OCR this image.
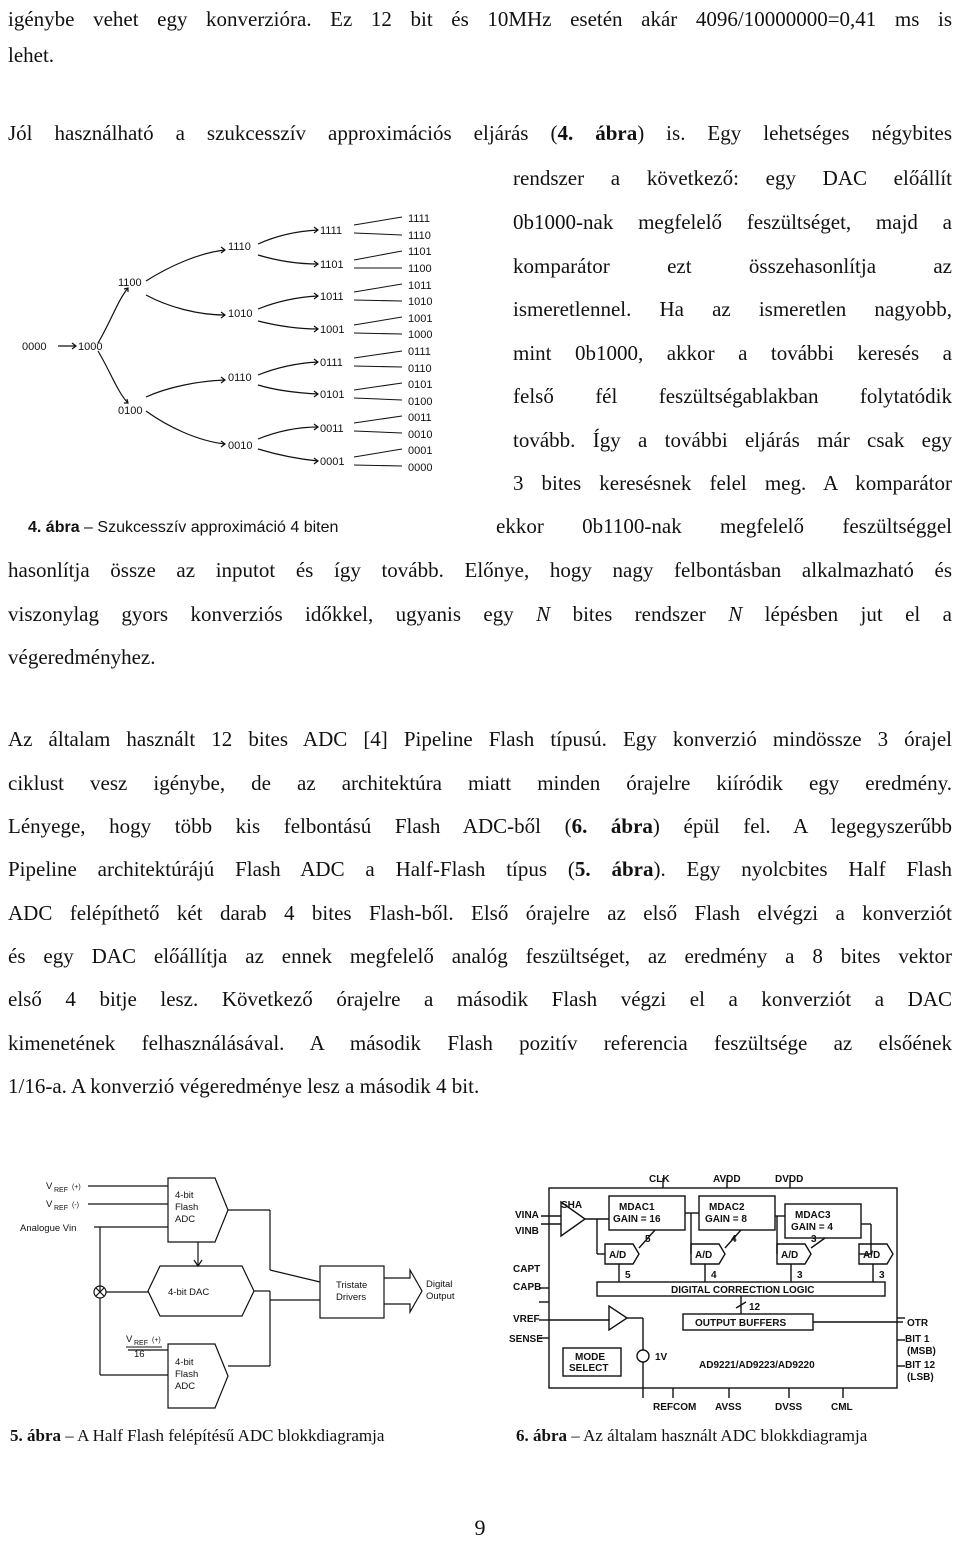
igénybe vehet egy konverzióra. Ez 12 bit és 10MHz esetén akár 4096/10000000=0,41 ms is
lehet.
Jól használható a szukcesszív approximációs eljárás (4. ábra) is. Egy lehetséges négybites
rendszer a következő: egy DAC előállít
0b1000-nak megfelelő feszültséget, majd a
komparátor ezt összehasonlítja az
ismeretlennel. Ha az ismeretlen nagyobb,
mint 0b1000, akkor a további keresés a
felső fél feszültségablakban folytatódik
tovább. Így a további eljárás már csak egy
3 bites keresésnek felel meg. A komparátor
ekkor 0b1100-nak megfelelő feszültséggel
0000	1000
1100
0100
1110
1010
0110
0010
1111
1101
1011
1001
0111
0101
0011
0001
1111
1110
1101
1100
1011
1010
1001
1000
0111
0110
0101
0100
0011
0010
0001
0000
4. ábra – Szukcesszív approximáció 4 biten
hasonlítja össze az inputot és így tovább. Előnye, hogy nagy felbontásban alkalmazható és
viszonylag gyors konverziós időkkel, ugyanis egy N bites rendszer N lépésben jut el a
végeredményhez.
Az általam használt 12 bites ADC [4] Pipeline Flash típusú. Egy konverzió mindössze 3 órajel
ciklust vesz igénybe, de az architektúra miatt minden órajelre kiíródik egy eredmény.
Lényege, hogy több kis felbontású Flash ADC-ből (6. ábra) épül fel. A legegyszerűbb
Pipeline architektúrájú Flash ADC a Half-Flash típus (5. ábra). Egy nyolcbites Half Flash
ADC felépíthető két darab 4 bites Flash-ből. Első órajelre az első Flash elvégzi a konverziót
és egy DAC előállítja az ennek megfelelő analóg feszültséget, az eredmény a 8 bites vektor
első 4 bitje lesz. Következő órajelre a második Flash végzi el a konverziót a DAC
kimenetének felhasználásával. A második Flash pozitív referencia feszültsége az elsőének
1/16-a. A konverzió végeredménye lesz a második 4 bit.
V REF (+)
V REF (-)
Analogue Vin
4-bit
Flash
ADC
4-bit DAC
Tristate
Drivers
Digital
Output
V REF (+)
16
4-bit
Flash
ADC
CLK	AVDD	DVDD
SHA
VINA
VINB
CAPT
CAPB
VREF
SENSE
MDAC1
GAIN = 16
MDAC2
GAIN = 8	MDAC3
GAIN = 4
A/D	A/D	A/D	A/D
5	4	3
5	4	3	3
DIGITAL CORRECTION LOGIC
12
OUTPUT BUFFERS
MODE
SELECT
1V
AD9221/AD9223/AD9220
OTR
BIT 1
(MSB)
BIT 12
(LSB)
REFCOM AVSS	DVSS	CML
5. ábra – A Half Flash felépítésű ADC blokkdiagramja	6. ábra – Az általam használt ADC blokkdiagramja
9
